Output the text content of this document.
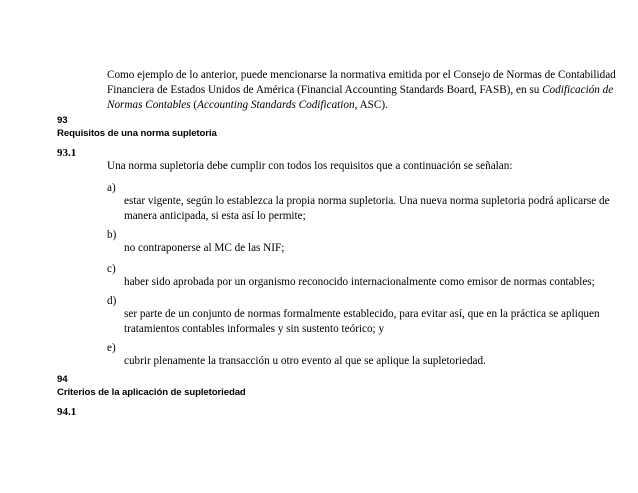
Como ejemplo de lo anterior, puede mencionarse la normativa emitida por el Consejo de Normas de Contabilidad
Financiera de Estados Unidos de América (Financial Accounting Standards Board, FASB), en su Codificación de
Normas Contables (Accounting Standards Codification, ASC).
93
Requisitos de una norma supletoria
93.1
Una norma supletoria debe cumplir con todos los requisitos que a continuación se señalan:
a)
estar vigente, según lo establezca la propia norma supletoria. Una nueva norma supletoria podrá aplicarse de
manera anticipada, si esta así lo permite;
b)
no contraponerse al MC de las NIF;
c)
haber sido aprobada por un organismo reconocido internacionalmente como emisor de normas contables;
d)
ser parte de un conjunto de normas formalmente establecido, para evitar así, que en la práctica se apliquen
tratamientos contables informales y sin sustento teórico; y
e)
cubrir plenamente la transacción u otro evento al que se aplique la supletoriedad.
94
Criterios de la aplicación de supletoriedad
94.1
